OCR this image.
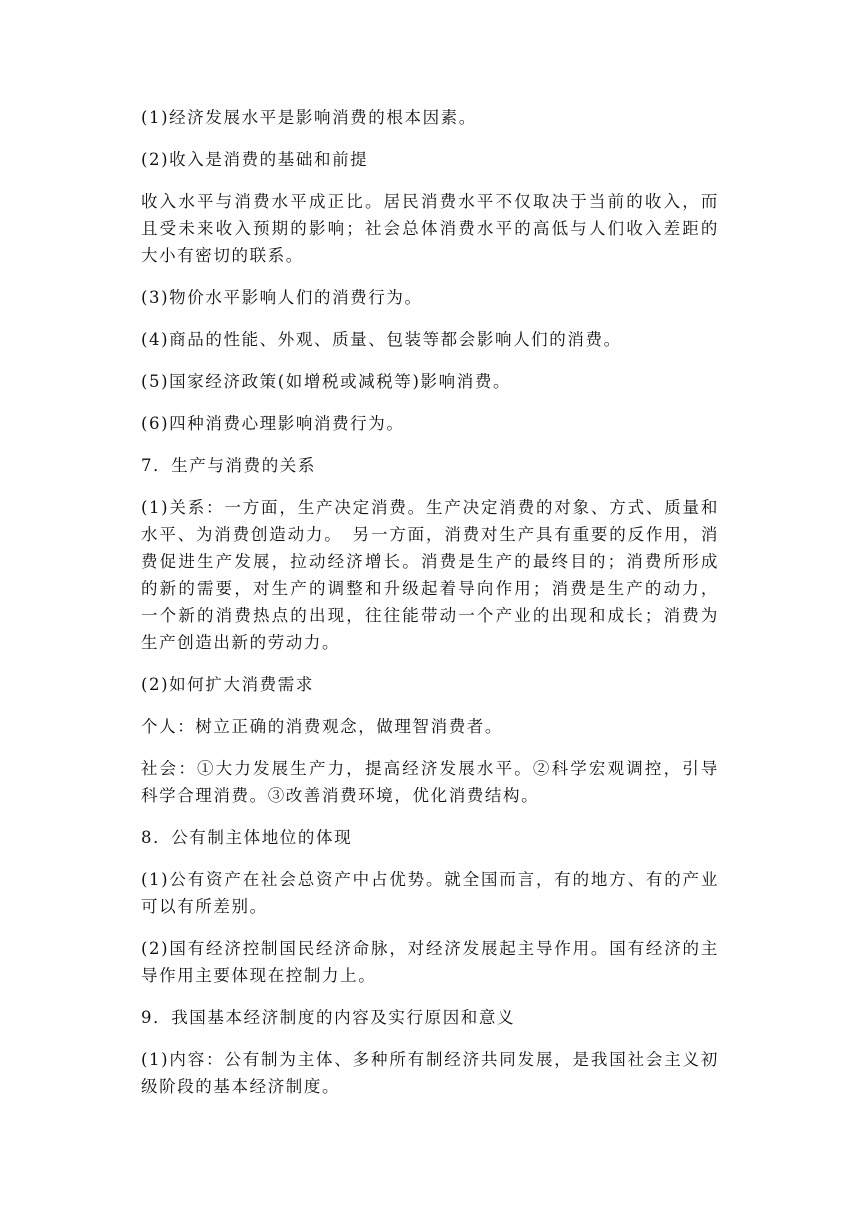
(1)经济发展水平是影响消费的根本因素。

(2)收入是消费的基础和前提

收入水平与消费水平成正比。居民消费水平不仅取决于当前的收入，而且受未来收入预期的影响；社会总体消费水平的高低与人们收入差距的大小有密切的联系。

(3)物价水平影响人们的消费行为。

(4)商品的性能、外观、质量、包装等都会影响人们的消费。

(5)国家经济政策(如增税或减税等)影响消费。

(6)四种消费心理影响消费行为。

7．生产与消费的关系

(1)关系：一方面，生产决定消费。生产决定消费的对象、方式、质量和水平、为消费创造动力。　另一方面，消费对生产具有重要的反作用，消费促进生产发展，拉动经济增长。消费是生产的最终目的；消费所形成的新的需要，对生产的调整和升级起着导向作用；消费是生产的动力，一个新的消费热点的出现，往往能带动一个产业的出现和成长；消费为生产创造出新的劳动力。

(2)如何扩大消费需求

个人：树立正确的消费观念，做理智消费者。

社会：①大力发展生产力，提高经济发展水平。②科学宏观调控，引导科学合理消费。③改善消费环境，优化消费结构。

8．公有制主体地位的体现

(1)公有资产在社会总资产中占优势。就全国而言，有的地方、有的产业可以有所差别。

(2)国有经济控制国民经济命脉，对经济发展起主导作用。国有经济的主导作用主要体现在控制力上。

9．我国基本经济制度的内容及实行原因和意义

(1)内容：公有制为主体、多种所有制经济共同发展，是我国社会主义初级阶段的基本经济制度。
